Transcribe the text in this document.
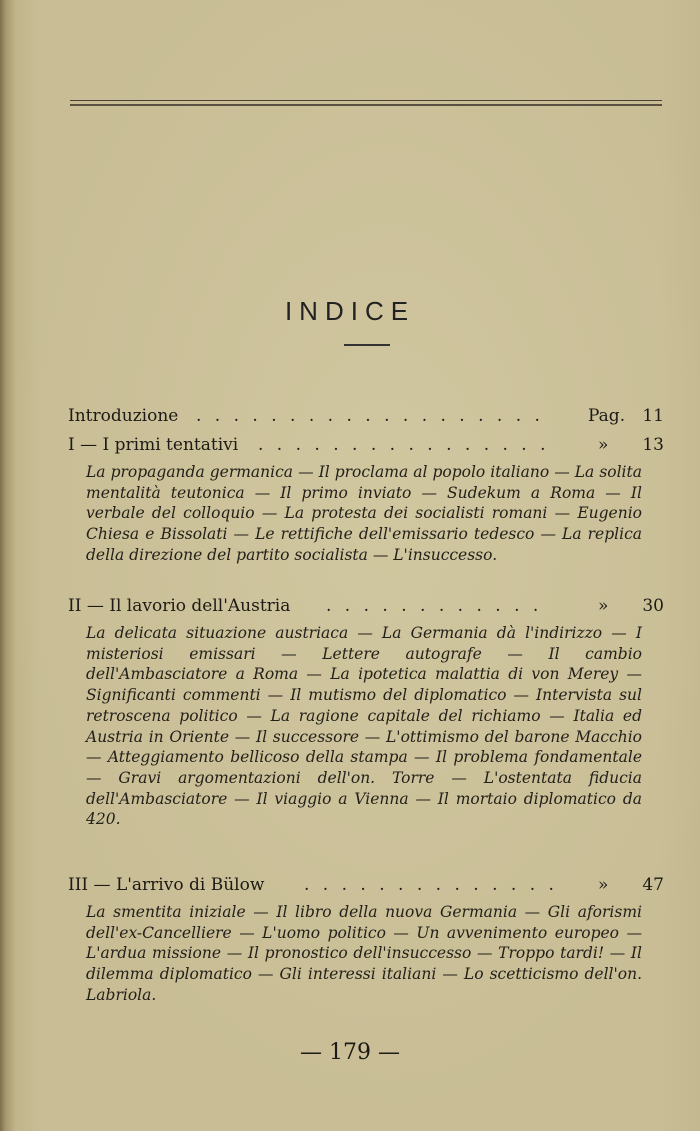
INDICE
Introduzione . . . . . . . . . . . . . . . . . . .	Pag.	11
I — I primi tentativi . . . . . . . . . . . . . . . .	»	13
La propaganda germanica — Il proclama al popolo italiano — La solita mentalità teutonica — Il primo inviato — Sudekum a Roma — Il verbale del colloquio — La protesta dei socialisti romani — Eugenio Chiesa e Bissolati — Le rettifiche dell'emissario tedesco — La replica della direzione del partito socialista — L'insuccesso.
II — Il lavorio dell'Austria . . . . . . . . . . . .	»	30
La delicata situazione austriaca — La Germania dà l'indirizzo — I misteriosi emissari — Lettere autografe — Il cambio dell'Ambasciatore a Roma — La ipotetica malattia di von Merey — Significanti commenti — Il mutismo del diplomatico — Intervista sul retroscena politico — La ragione capitale del richiamo — Italia ed Austria in Oriente — Il successore — L'ottimismo del barone Macchio — Atteggiamento bellicoso della stampa — Il problema fondamentale — Gravi argomentazioni dell'on. Torre — L'ostentata fiducia dell'Ambasciatore — Il viaggio a Vienna — Il mortaio diplomatico da 420.
III — L'arrivo di Bülow . . . . . . . . . . . . . .	»	47
La smentita iniziale — Il libro della nuova Germania — Gli aforismi dell'ex-Cancelliere — L'uomo politico — Un avvenimento europeo — L'ardua missione — Il pronostico dell'insuccesso — Troppo tardi! — Il dilemma diplomatico — Gli interessi italiani — Lo scetticismo dell'on. Labriola.
— 179 —
